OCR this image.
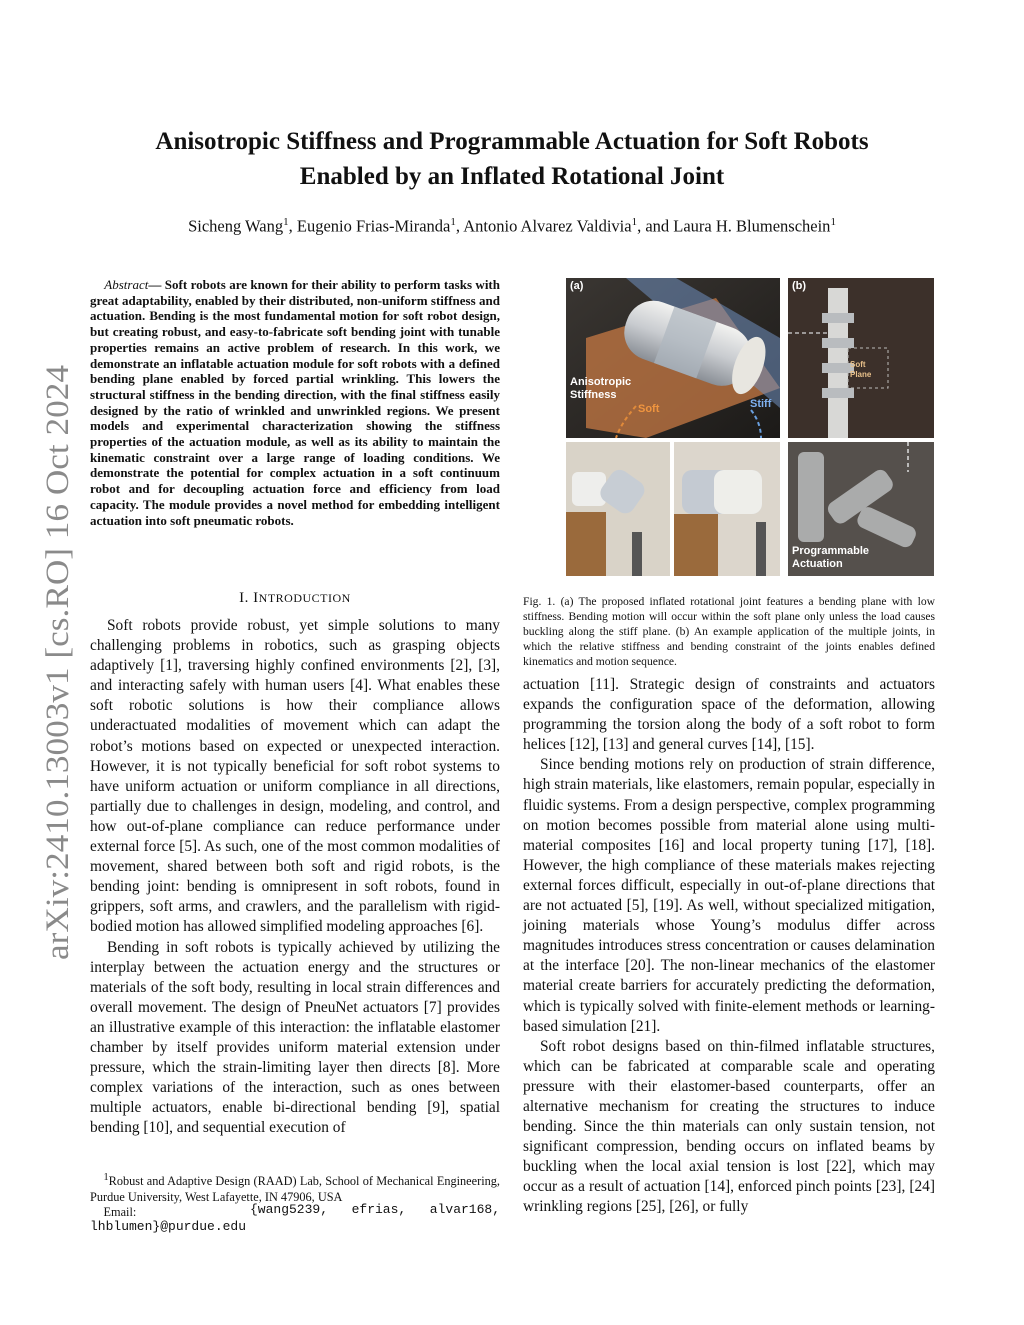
arXiv:2410.13003v1 [cs.RO] 16 Oct 2024
Anisotropic Stiffness and Programmable Actuation for Soft Robots
Enabled by an Inflated Rotational Joint
Sicheng Wang$^1$, Eugenio Frias-Miranda$^1$, Antonio Alvarez Valdivia$^1$, and Laura H. Blumenschein$^1$
Abstract— Soft robots are known for their ability to perform tasks with great adaptability, enabled by their distributed, non-uniform stiffness and actuation. Bending is the most fundamental motion for soft robot design, but creating robust, and easy-to-fabricate soft bending joint with tunable properties remains an active problem of research. In this work, we demonstrate an inflatable actuation module for soft robots with a defined bending plane enabled by forced partial wrinkling. This lowers the structural stiffness in the bending direction, with the final stiffness easily designed by the ratio of wrinkled and unwrinkled regions. We present models and experimental characterization showing the stiffness properties of the actuation module, as well as its ability to maintain the kinematic constraint over a large range of loading conditions. We demonstrate the potential for complex actuation in a soft continuum robot and for decoupling actuation force and efficiency from load capacity. The module provides a novel method for embedding intelligent actuation into soft pneumatic robots.
I. INTRODUCTION

Soft robots provide robust, yet simple solutions to many challenging problems in robotics, such as grasping objects adaptively [1], traversing highly confined environments [2], [3], and interacting safely with human users [4]. What enables these soft robotic solutions is how their compliance allows underactuated modalities of movement which can adapt the robot’s motions based on expected or unexpected interaction. However, it is not typically beneficial for soft robot systems to have uniform actuation or uniform compliance in all directions, partially due to challenges in design, modeling, and control, and how out-of-plane compliance can reduce performance under external force [5]. As such, one of the most common modalities of movement, shared between both soft and rigid robots, is the bending joint: bending is omnipresent in soft robots, found in grippers, soft arms, and crawlers, and the parallelism with rigid-bodied motion has allowed simplified modeling approaches [6].

Bending in soft robots is typically achieved by utilizing the interplay between the actuation energy and the structures or materials of the soft body, resulting in local strain differences and overall movement. The design of PneuNet actuators [7] provides an illustrative example of this interaction: the inflatable elastomer chamber by itself provides uniform material extension under pressure, which the strain-limiting layer then directs [8]. More complex variations of the interaction, such as ones between multiple actuators, enable bi-directional bending [9], spatial bending [10], and sequential execution of

$^1$Robust and Adaptive Design (RAAD) Lab, School of Mechanical Engineering, Purdue University, West Lafayette, IN 47906, USA
Email:	{wang5239, efrias, alvar168, lhblumen}@purdue.edu
(a)
Anisotropic
Stiffness
Soft	Stiff
(b)
Soft
Plane
Programmable
Actuation
Fig. 1. (a) The proposed inflated rotational joint features a bending plane with low stiffness. Bending motion will occur within the soft plane only unless the load causes buckling along the stiff plane. (b) An example application of the multiple joints, in which the relative stiffness and bending constraint of the joints enables defined kinematics and motion sequence.

actuation [11]. Strategic design of constraints and actuators expands the configuration space of the deformation, allowing programming the torsion along the body of a soft robot to form helices [12], [13] and general curves [14], [15].

Since bending motions rely on production of strain difference, high strain materials, like elastomers, remain popular, especially in fluidic systems. From a design perspective, complex programming on motion becomes possible from material alone using multi-material composites [16] and local property tuning [17], [18]. However, the high compliance of these materials makes rejecting external forces difficult, especially in out-of-plane directions that are not actuated [5], [19]. As well, without specialized mitigation, joining materials whose Young’s modulus differ across magnitudes introduces stress concentration or causes delamination at the interface [20]. The non-linear mechanics of the elastomer material create barriers for accurately predicting the deformation, which is typically solved with finite-element methods or learning-based simulation [21].

Soft robot designs based on thin-filmed inflatable structures, which can be fabricated at comparable scale and operating pressure with their elastomer-based counterparts, offer an alternative mechanism for creating the structures to induce bending. Since the thin materials can only sustain tension, not significant compression, bending occurs on inflated beams by buckling when the local axial tension is lost [22], which may occur as a result of actuation [14], enforced pinch points [23], [24] wrinkling regions [25], [26], or fully
